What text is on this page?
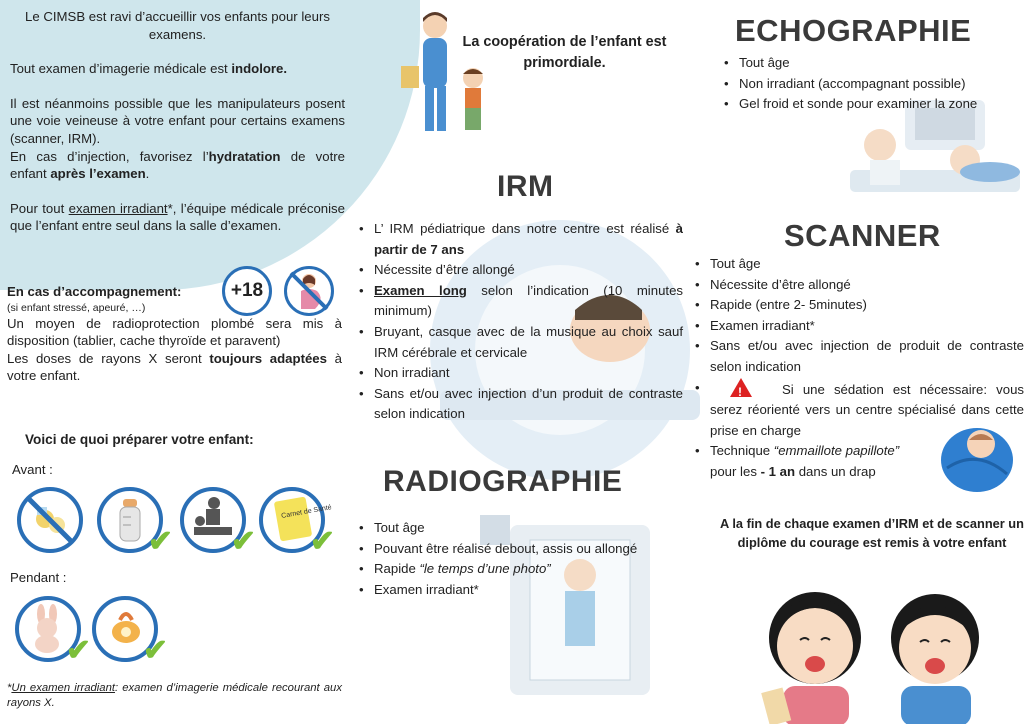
Le CIMSB est ravi d’accueillir vos enfants pour leurs examens.

Tout examen d’imagerie médicale est indolore.

Il est néanmoins possible que les manipulateurs posent une voie veineuse à votre enfant pour certains examens (scanner, IRM).

En cas d’injection, favorisez l’hydratation de votre enfant après l’examen.

Pour tout examen irradiant*, l’équipe médicale préconise que l’enfant entre seul dans la salle d’examen.

+18
En cas d’accompagnement:
(si enfant stressé, apeuré, …)
Un moyen de radioprotection plombé sera mis à disposition (tablier, cache thyroïde et paravent)
Les doses de rayons X seront toujours adaptées à votre enfant.
Voici de quoi préparer votre enfant:
Avant :
✔ ✔
Carnet de Santé
✔
Pendant :
✔ ✔
*Un examen irradiant: examen d’imagerie médicale recourant aux rayons X.
La coopération de l’enfant est primordiale.
IRM
• L’ IRM pédiatrique dans notre centre est réalisé à partir de 7 ans
• Nécessite d’être allongé
• Examen long selon l’indication (10 minutes minimum)
• Bruyant, casque avec de la musique au choix sauf IRM cérébrale et cervicale
• Non irradiant
• Sans et/ou avec injection d’un produit de contraste selon indication
RADIOGRAPHIE
• Tout âge
• Pouvant être réalisé debout, assis ou allongé
• Rapide “le temps d’une photo”
• Examen irradiant*
ECHOGRAPHIE
• Tout âge
• Non irradiant (accompagnant possible)
• Gel froid et sonde pour examiner la zone
SCANNER
• Tout âge
• Nécessite d’être allongé
• Rapide (entre 2- 5minutes)
• Examen irradiant*
• Sans et/ou avec injection de produit de contraste selon indication
• !	Si une sédation est nécessaire: vous serez réorienté vers un centre spécialisé dans cette prise en charge
• Technique “emmaillote papillote”
pour les - 1 an dans un drap
A la fin de chaque examen d’IRM et de scanner un diplôme du courage est remis à votre enfant
